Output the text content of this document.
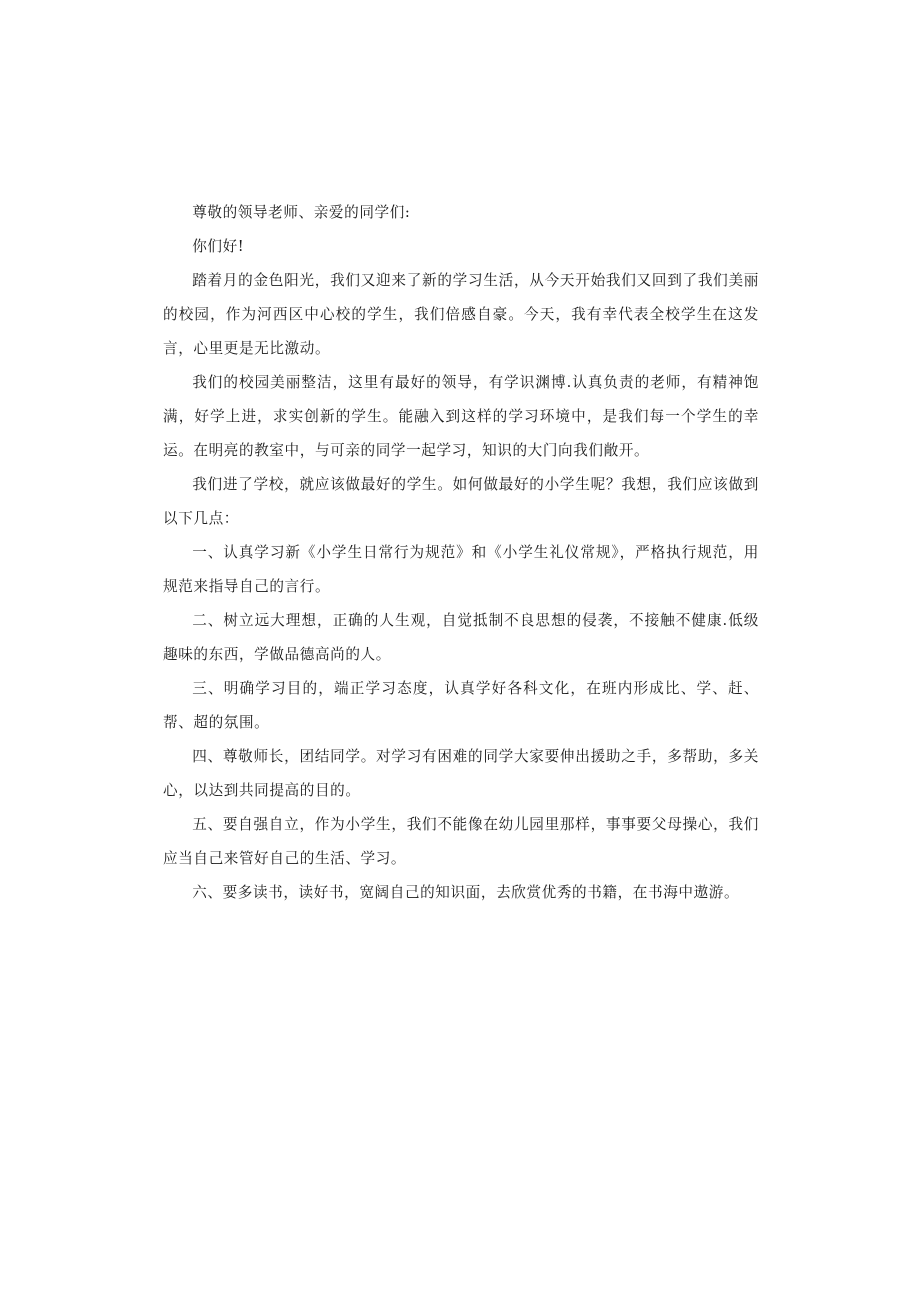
尊敬的领导老师、亲爱的同学们:

你们好!

踏着月的金色阳光，我们又迎来了新的学习生活，从今天开始我们又回到了我们美丽的校园，作为河西区中心校的学生，我们倍感自豪。今天，我有幸代表全校学生在这发言，心里更是无比激动。

我们的校园美丽整洁，这里有最好的领导，有学识渊博.认真负责的老师，有精神饱满，好学上进，求实创新的学生。能融入到这样的学习环境中，是我们每一个学生的幸运。在明亮的教室中，与可亲的同学一起学习，知识的大门向我们敞开。

我们进了学校，就应该做最好的学生。如何做最好的小学生呢？我想，我们应该做到以下几点：

一、认真学习新《小学生日常行为规范》和《小学生礼仪常规》，严格执行规范，用规范来指导自己的言行。

二、树立远大理想，正确的人生观，自觉抵制不良思想的侵袭，不接触不健康.低级趣味的东西，学做品德高尚的人。

三、明确学习目的，端正学习态度，认真学好各科文化，在班内形成比、学、赶、帮、超的氛围。

四、尊敬师长，团结同学。对学习有困难的同学大家要伸出援助之手，多帮助，多关心，以达到共同提高的目的。

五、要自强自立，作为小学生，我们不能像在幼儿园里那样，事事要父母操心，我们应当自己来管好自己的生活、学习。

六、要多读书，读好书，宽阔自己的知识面，去欣赏优秀的书籍，在书海中遨游。
